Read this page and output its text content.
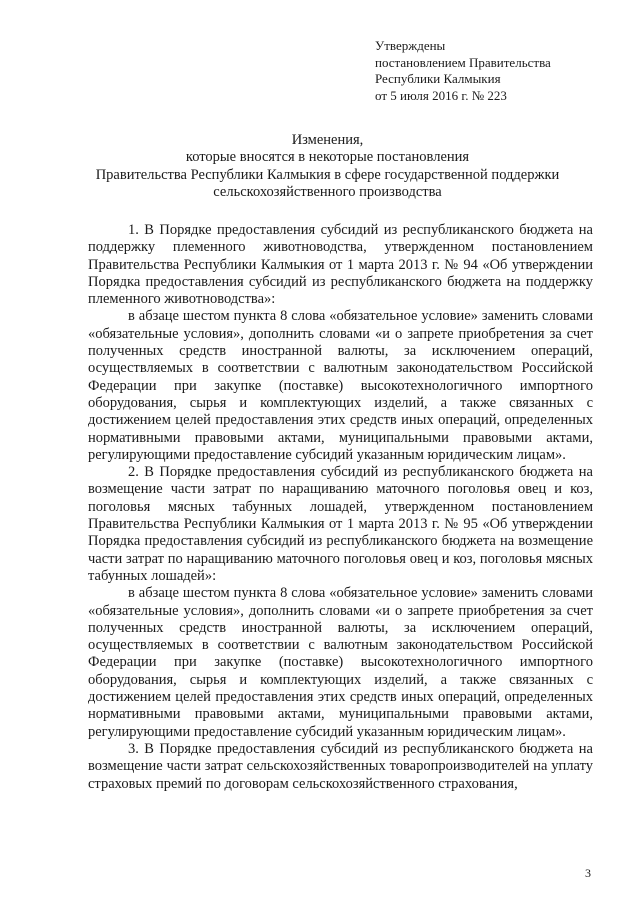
Утверждены
постановлением Правительства
Республики Калмыкия
от 5 июля 2016 г. № 223
Изменения,
которые вносятся в некоторые постановления
Правительства Республики Калмыкия в сфере государственной поддержки
сельскохозяйственного производства

1. В Порядке предоставления субсидий из республиканского бюджета на поддержку племенного животноводства, утвержденном постановлением Правительства Республики Калмыкия от 1 марта 2013 г. № 94 «Об утверждении Порядка предоставления субсидий из республиканского бюджета на поддержку племенного животноводства»:

в абзаце шестом пункта 8 слова «обязательное условие» заменить словами «обязательные условия», дополнить словами «и о запрете приобретения за счет полученных средств иностранной валюты, за исключением операций, осуществляемых в соответствии с валютным законодательством Российской Федерации при закупке (поставке) высокотехнологичного импортного оборудования, сырья и комплектующих изделий, а также связанных с достижением целей предоставления этих средств иных операций, определенных нормативными правовыми актами, муниципальными правовыми актами, регулирующими предоставление субсидий указанным юридическим лицам».

2. В Порядке предоставления субсидий из республиканского бюджета на возмещение части затрат по наращиванию маточного поголовья овец и коз, поголовья мясных табунных лошадей, утвержденном постановлением Правительства Республики Калмыкия от 1 марта 2013 г. № 95 «Об утверждении Порядка предоставления субсидий из республиканского бюджета на возмещение части затрат по наращиванию маточного поголовья овец и коз, поголовья мясных табунных лошадей»:

в абзаце шестом пункта 8 слова «обязательное условие» заменить словами «обязательные условия», дополнить словами «и о запрете приобретения за счет полученных средств иностранной валюты, за исключением операций, осуществляемых в соответствии с валютным законодательством Российской Федерации при закупке (поставке) высокотехнологичного импортного оборудования, сырья и комплектующих изделий, а также связанных с достижением целей предоставления этих средств иных операций, определенных нормативными правовыми актами, муниципальными правовыми актами, регулирующими предоставление субсидий указанным юридическим лицам».

3. В Порядке предоставления субсидий из республиканского бюджета на возмещение части затрат сельскохозяйственных товаропроизводителей на уплату страховых премий по договорам сельскохозяйственного страхования,

3
